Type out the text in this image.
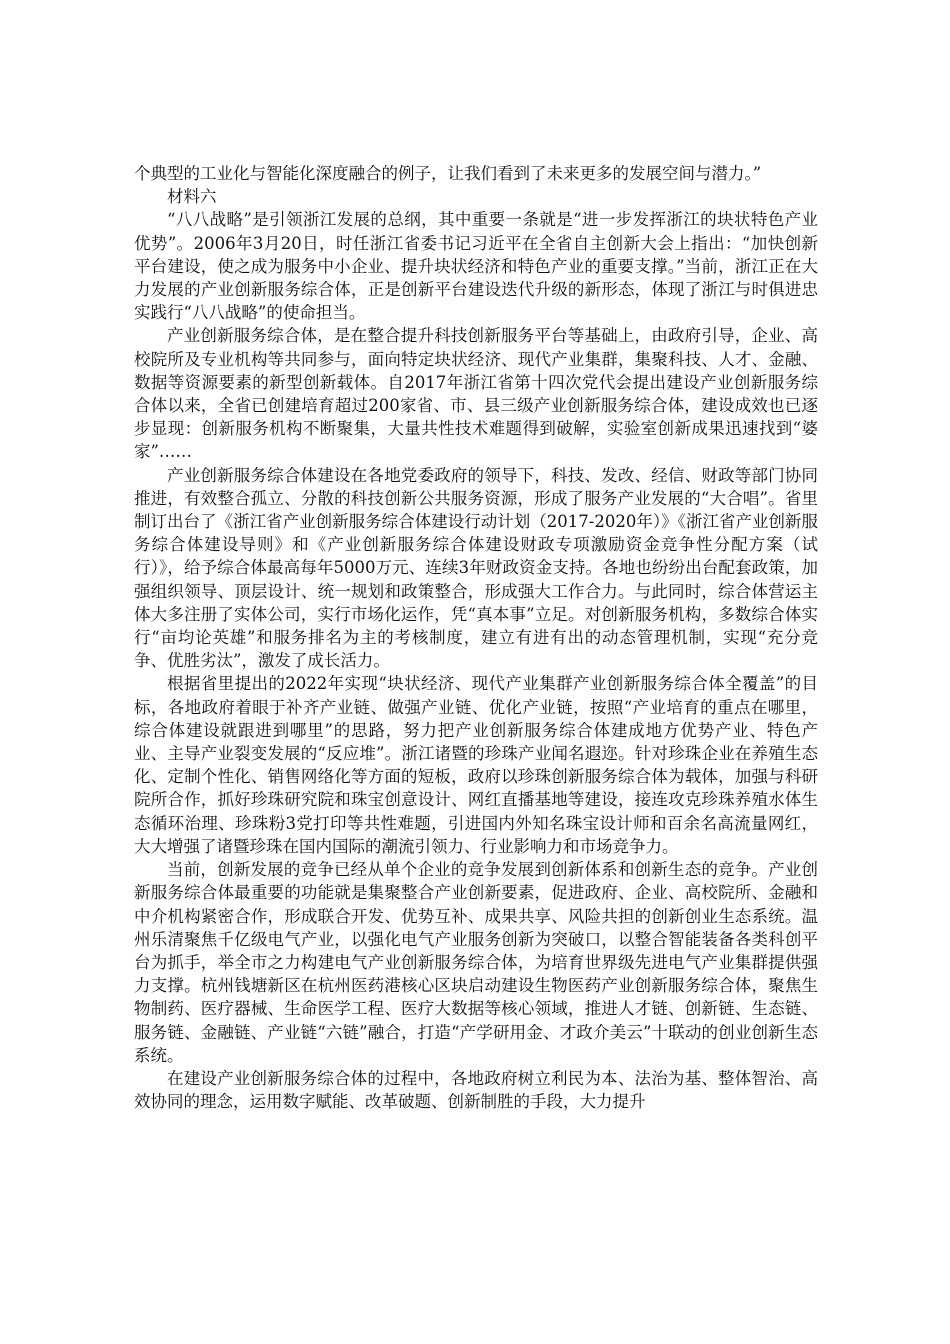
个典型的工业化与智能化深度融合的例子，让我们看到了未来更多的发展空间与潜力。”

材料六

“八八战略”是引领浙江发展的总纲，其中重要一条就是“进一步发挥浙江的块状特色产业优势”。2006年3月20日，时任浙江省委书记习近平在全省自主创新大会上指出：“加快创新平台建设，使之成为服务中小企业、提升块状经济和特色产业的重要支撑。”当前，浙江正在大力发展的产业创新服务综合体，正是创新平台建设迭代升级的新形态，体现了浙江与时俱进忠实践行“八八战略”的使命担当。

产业创新服务综合体，是在整合提升科技创新服务平台等基础上，由政府引导，企业、高校院所及专业机构等共同参与，面向特定块状经济、现代产业集群，集聚科技、人才、金融、数据等资源要素的新型创新载体。自2017年浙江省第十四次党代会提出建设产业创新服务综合体以来，全省已创建培育超过200家省、市、县三级产业创新服务综合体，建设成效也已逐步显现：创新服务机构不断聚集，大量共性技术难题得到破解，实验室创新成果迅速找到“婆家”……

产业创新服务综合体建设在各地党委政府的领导下，科技、发改、经信、财政等部门协同推进，有效整合孤立、分散的科技创新公共服务资源，形成了服务产业发展的“大合唱”。省里制订出台了《浙江省产业创新服务综合体建设行动计划（2017-2020年）》《浙江省产业创新服务综合体建设导则》和《产业创新服务综合体建设财政专项激励资金竞争性分配方案（试行）》，给予综合体最高每年5000万元、连续3年财政资金支持。各地也纷纷出台配套政策，加强组织领导、顶层设计、统一规划和政策整合，形成强大工作合力。与此同时，综合体营运主体大多注册了实体公司，实行市场化运作，凭“真本事”立足。对创新服务机构，多数综合体实行“亩均论英雄”和服务排名为主的考核制度，建立有进有出的动态管理机制，实现“充分竞争、优胜劣汰”，激发了成长活力。

根据省里提出的2022年实现“块状经济、现代产业集群产业创新服务综合体全覆盖”的目标，各地政府着眼于补齐产业链、做强产业链、优化产业链，按照“产业培育的重点在哪里，综合体建设就跟进到哪里”的思路，努力把产业创新服务综合体建成地方优势产业、特色产业、主导产业裂变发展的“反应堆”。浙江诸暨的珍珠产业闻名遐迩。针对珍珠企业在养殖生态化、定制个性化、销售网络化等方面的短板，政府以珍珠创新服务综合体为载体，加强与科研院所合作，抓好珍珠研究院和珠宝创意设计、网红直播基地等建设，接连攻克珍珠养殖水体生态循环治理、珍珠粉3党打印等共性难题，引进国内外知名珠宝设计师和百余名高流量网红，大大增强了诸暨珍珠在国内国际的潮流引领力、行业影响力和市场竞争力。

当前，创新发展的竞争已经从单个企业的竞争发展到创新体系和创新生态的竞争。产业创新服务综合体最重要的功能就是集聚整合产业创新要素，促进政府、企业、高校院所、金融和中介机构紧密合作，形成联合开发、优势互补、成果共享、风险共担的创新创业生态系统。温州乐清聚焦千亿级电气产业，以强化电气产业服务创新为突破口，以整合智能装备各类科创平台为抓手，举全市之力构建电气产业创新服务综合体，为培育世界级先进电气产业集群提供强力支撑。杭州钱塘新区在杭州医药港核心区块启动建设生物医药产业创新服务综合体，聚焦生物制药、医疗器械、生命医学工程、医疗大数据等核心领域，推进人才链、创新链、生态链、服务链、金融链、产业链“六链”融合，打造“产学研用金、才政介美云”十联动的创业创新生态系统。

在建设产业创新服务综合体的过程中，各地政府树立利民为本、法治为基、整体智治、高效协同的理念，运用数字赋能、改革破题、创新制胜的手段，大力提升
